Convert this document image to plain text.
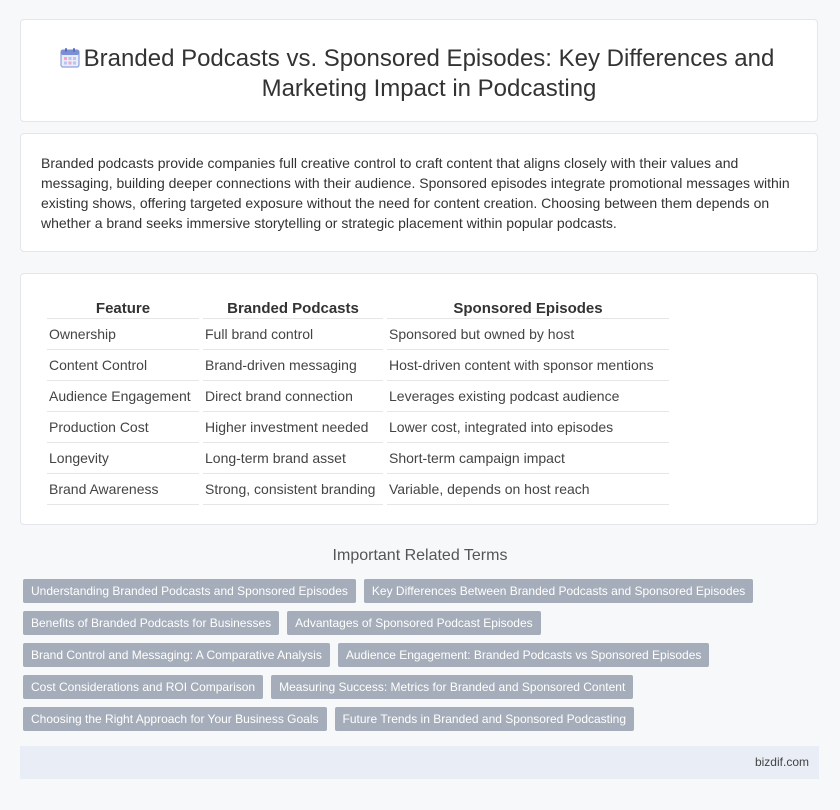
Branded Podcasts vs. Sponsored Episodes: Key Differences and Marketing Impact in Podcasting

Branded podcasts provide companies full creative control to craft content that aligns closely with their values and messaging, building deeper connections with their audience. Sponsored episodes integrate promotional messages within existing shows, offering targeted exposure without the need for content creation. Choosing between them depends on whether a brand seeks immersive storytelling or strategic placement within popular podcasts.

Feature	Branded Podcasts	Sponsored Episodes
Ownership	Full brand control	Sponsored but owned by host
Content Control	Brand-driven messaging	Host-driven content with sponsor mentions
Audience Engagement	Direct brand connection	Leverages existing podcast audience
Production Cost	Higher investment needed	Lower cost, integrated into episodes
Longevity	Long-term brand asset	Short-term campaign impact
Brand Awareness	Strong, consistent branding	Variable, depends on host reach
Important Related Terms
Understanding Branded Podcasts and Sponsored Episodes	Key Differences Between Branded Podcasts and Sponsored Episodes
Benefits of Branded Podcasts for Businesses	Advantages of Sponsored Podcast Episodes
Brand Control and Messaging: A Comparative Analysis	Audience Engagement: Branded Podcasts vs Sponsored Episodes
Cost Considerations and ROI Comparison	Measuring Success: Metrics for Branded and Sponsored Content
Choosing the Right Approach for Your Business Goals	Future Trends in Branded and Sponsored Podcasting
bizdif.com
